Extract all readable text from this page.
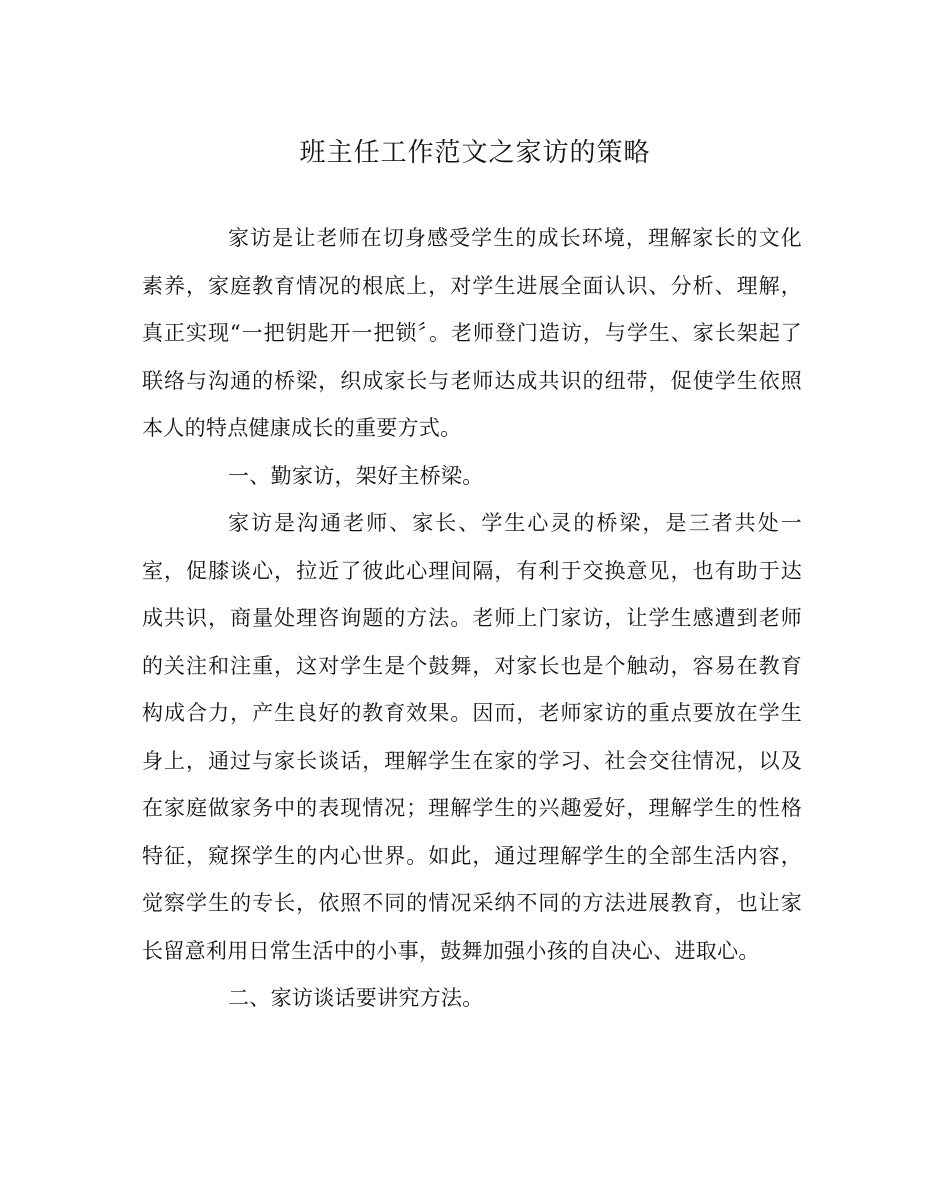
班主任工作范文之家访的策略

家访是让老师在切身感受学生的成长环境，理解家长的文化素养，家庭教育情况的根底上，对学生进展全面认识、分析、理解，真正实现“一把钥匙开一把锁〞。老师登门造访，与学生、家长架起了联络与沟通的桥梁，织成家长与老师达成共识的纽带，促使学生依照本人的特点健康成长的重要方式。

一、勤家访，架好主桥梁。

家访是沟通老师、家长、学生心灵的桥梁，是三者共处一室，促膝谈心，拉近了彼此心理间隔，有利于交换意见，也有助于达成共识，商量处理咨询题的方法。老师上门家访，让学生感遭到老师的关注和注重，这对学生是个鼓舞，对家长也是个触动，容易在教育构成合力，产生良好的教育效果。因而，老师家访的重点要放在学生身上，通过与家长谈话，理解学生在家的学习、社会交往情况，以及在家庭做家务中的表现情况；理解学生的兴趣爱好，理解学生的性格特征，窥探学生的内心世界。如此，通过理解学生的全部生活内容，觉察学生的专长，依照不同的情况采纳不同的方法进展教育，也让家长留意利用日常生活中的小事，鼓舞加强小孩的自决心、进取心。

二、家访谈话要讲究方法。
